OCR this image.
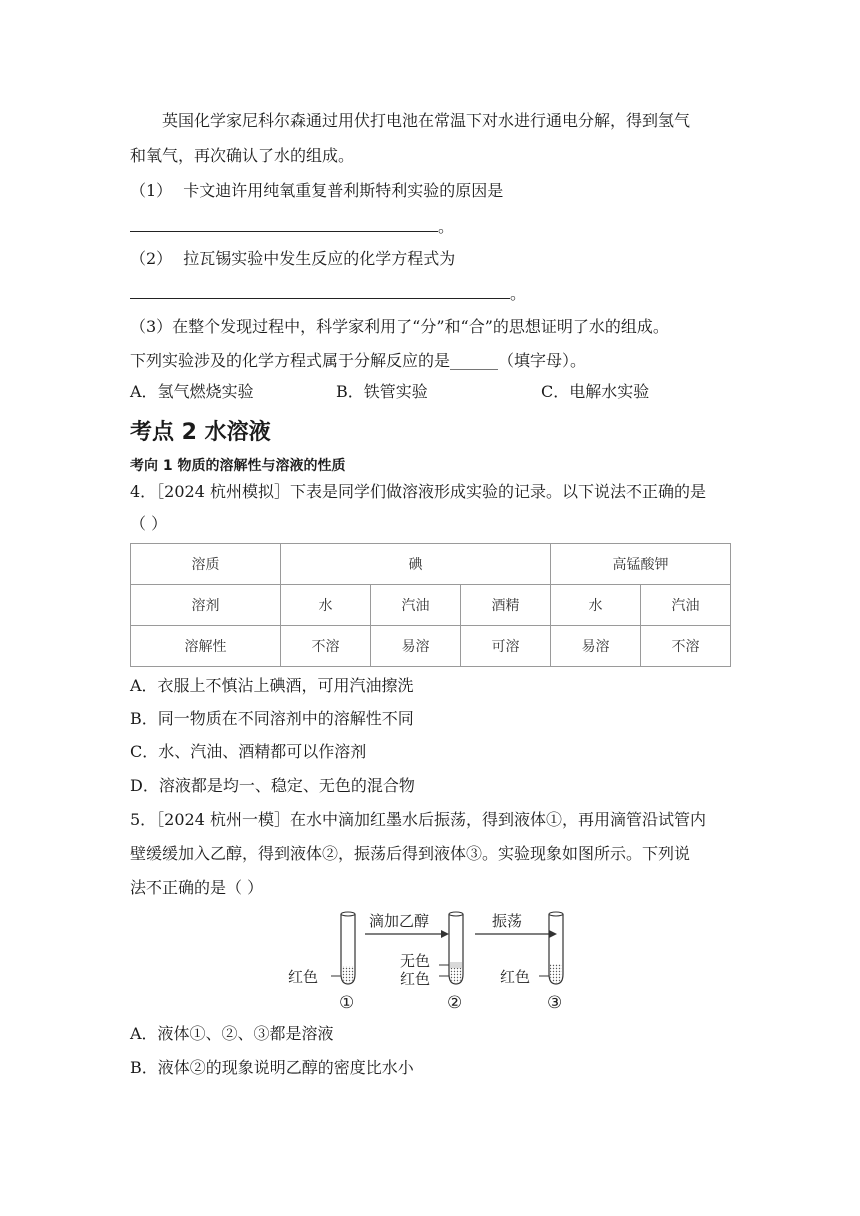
英国化学家尼科尔森通过用伏打电池在常温下对水进行通电分解，得到氢气
和氧气，再次确认了水的组成。
（1） 卡文迪许用纯氧重复普利斯特利实验的原因是
。
（2） 拉瓦锡实验中发生反应的化学方程式为
。
（3）在整个发现过程中，科学家利用了“分”和“合”的思想证明了水的组成。
下列实验涉及的化学方程式属于分解反应的是______（填字母）。
A．氢气燃烧实验	B．铁管实验	C．电解水实验
考点 2 水溶液
考向 1 物质的溶解性与溶液的性质
4．［2024 杭州模拟］下表是同学们做溶液形成实验的记录。以下说法不正确的是
（ ）
溶质	碘			高锰酸钾	
溶剂	水	汽油	酒精	水	汽油
溶解性	不溶	易溶	可溶	易溶	不溶
A．衣服上不慎沾上碘酒，可用汽油擦洗
B．同一物质在不同溶剂中的溶解性不同
C．水、汽油、酒精都可以作溶剂
D．溶液都是均一、稳定、无色的混合物
5．［2024 杭州一模］在水中滴加红墨水后振荡，得到液体①，再用滴管沿试管内
壁缓缓加入乙醇，得到液体②，振荡后得到液体③。实验现象如图所示。下列说
法不正确的是（ ）
红色
①
滴加乙醇
无色
红色
②
振荡
红色
③
A．液体①、②、③都是溶液
B．液体②的现象说明乙醇的密度比水小
